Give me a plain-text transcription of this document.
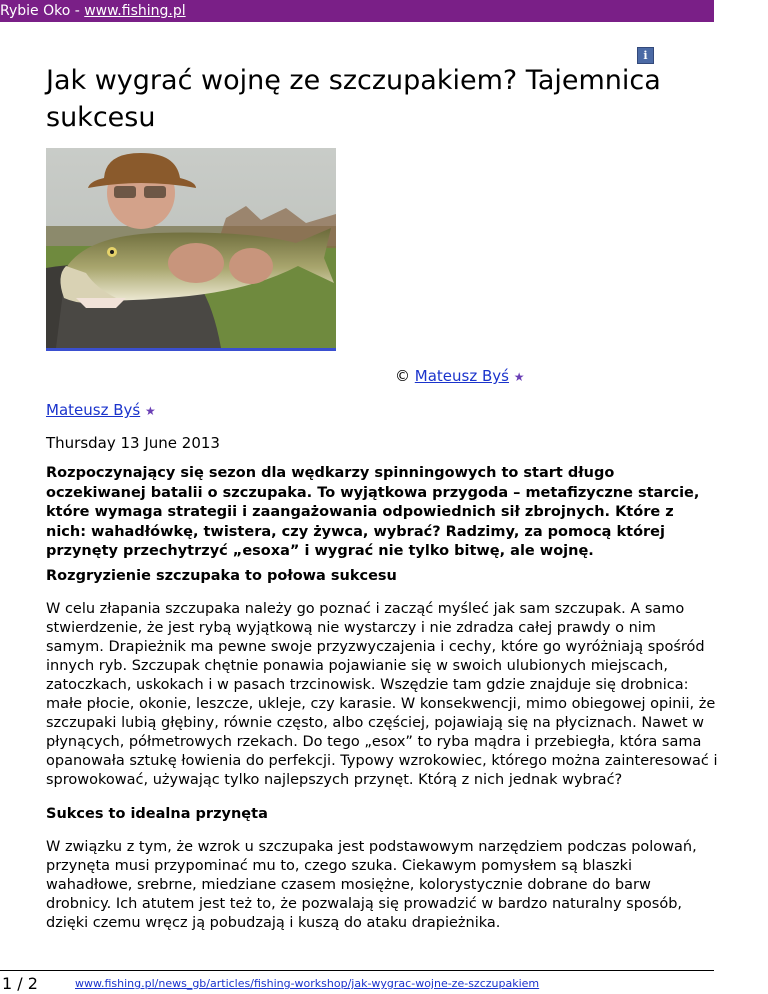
Rybie Oko - www.fishing.pl
i
Jak wygrać wojnę ze szczupakiem? Tajemnica sukcesu
© Mateusz Byś ★
Mateusz Byś ★
Thursday 13 June 2013

Rozpoczynający się sezon dla wędkarzy spinningowych to start długo oczekiwanej batalii o szczupaka. To wyjątkowa przygoda – metafizyczne starcie, które wymaga strategii i zaangażowania odpowiednich sił zbrojnych. Które z nich: wahadłówkę, twistera, czy żywca, wybrać? Radzimy, za pomocą której przynęty przechytrzyć „esoxa” i wygrać nie tylko bitwę, ale wojnę.

Rozgryzienie szczupaka to połowa sukcesu

W celu złapania szczupaka należy go poznać i zacząć myśleć jak sam szczupak. A samo stwierdzenie, że jest rybą wyjątkową nie wystarczy i nie zdradza całej prawdy o nim samym. Drapieżnik ma pewne swoje przyzwyczajenia i cechy, które go wyróżniają spośród innych ryb. Szczupak chętnie ponawia pojawianie się w swoich ulubionych miejscach, zatoczkach, uskokach i w pasach trzcinowisk. Wszędzie tam gdzie znajduje się drobnica: małe płocie, okonie, leszcze, ukleje, czy karasie. W konsekwencji, mimo obiegowej opinii, że szczupaki lubią głębiny, równie często, albo częściej, pojawiają się na płyciznach. Nawet w płynących, półmetrowych rzekach. Do tego „esox” to ryba mądra i przebiegła, która sama opanowała sztukę łowienia do perfekcji. Typowy wzrokowiec, którego można zainteresować i sprowokować, używając tylko najlepszych przynęt. Którą z nich jednak wybrać?

Sukces to idealna przynęta

W związku z tym, że wzrok u szczupaka jest podstawowym narzędziem podczas polowań, przynęta musi przypominać mu to, czego szuka. Ciekawym pomysłem są blaszki wahadłowe, srebrne, miedziane czasem mosiężne, kolorystycznie dobrane do barw drobnicy. Ich atutem jest też to, że pozwalają się prowadzić w bardzo naturalny sposób, dzięki czemu wręcz ją pobudzają i kuszą do ataku drapieżnika.

1 / 2	www.fishing.pl/news_gb/articles/fishing-workshop/jak-wygrac-wojne-ze-szczupakiem
